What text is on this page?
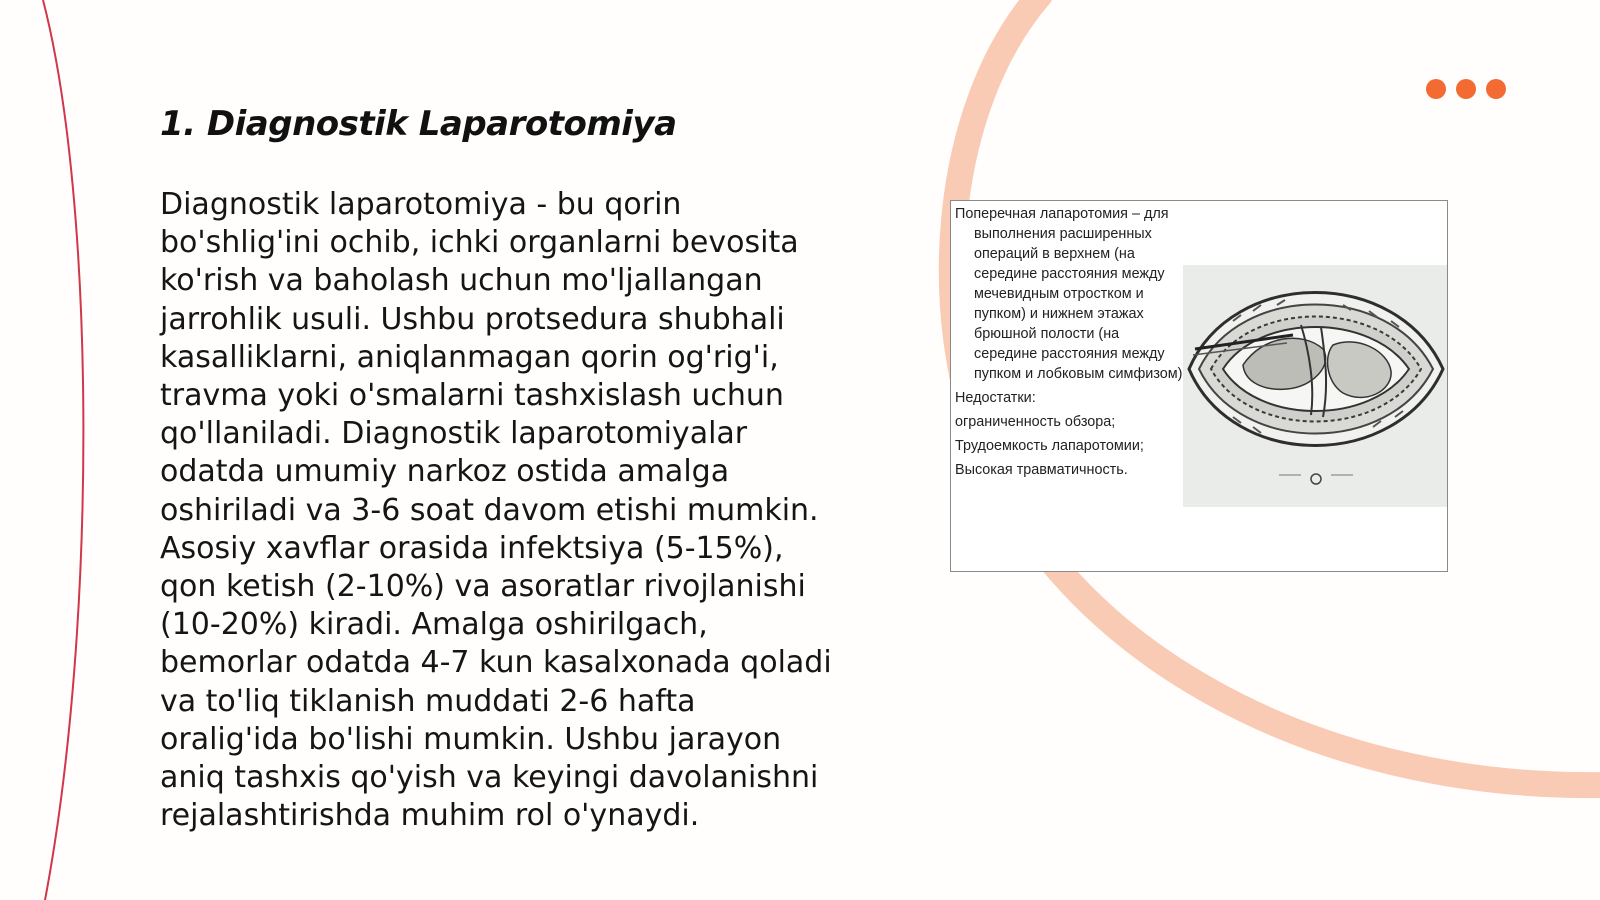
1. Diagnostik Laparotomiya

Diagnostik laparotomiya - bu qorin bo'shlig'ini ochib, ichki organlarni bevosita ko'rish va baholash uchun mo'ljallangan jarrohlik usuli. Ushbu protsedura shubhali kasalliklarni, aniqlanmagan qorin og'rig'i, travma yoki o'smalarni tashxislash uchun qo'llaniladi. Diagnostik laparotomiyalar odatda umumiy narkoz ostida amalga oshiriladi va 3-6 soat davom etishi mumkin. Asosiy xavflar orasida infektsiya (5-15%), qon ketish (2-10%) va asoratlar rivojlanishi (10-20%) kiradi. Amalga oshirilgach, bemorlar odatda 4-7 kun kasalxonada qoladi va to'liq tiklanish muddati 2-6 hafta oralig'ida bo'lishi mumkin. Ushbu jarayon aniq tashxis qo'yish va keyingi davolanishni rejalashtirishda muhim rol o'ynaydi.

Поперечная лапаротомия – для выполнения расширенных операций в верхнем (на середине расстояния между мечевидным отростком и пупком) и нижнем этажах брюшной полости (на середине расстояния между пупком и лобковым симфизом)

Недостатки:
ограниченность обзора;
Трудоемкость лапаротомии;
Высокая травматичность.
